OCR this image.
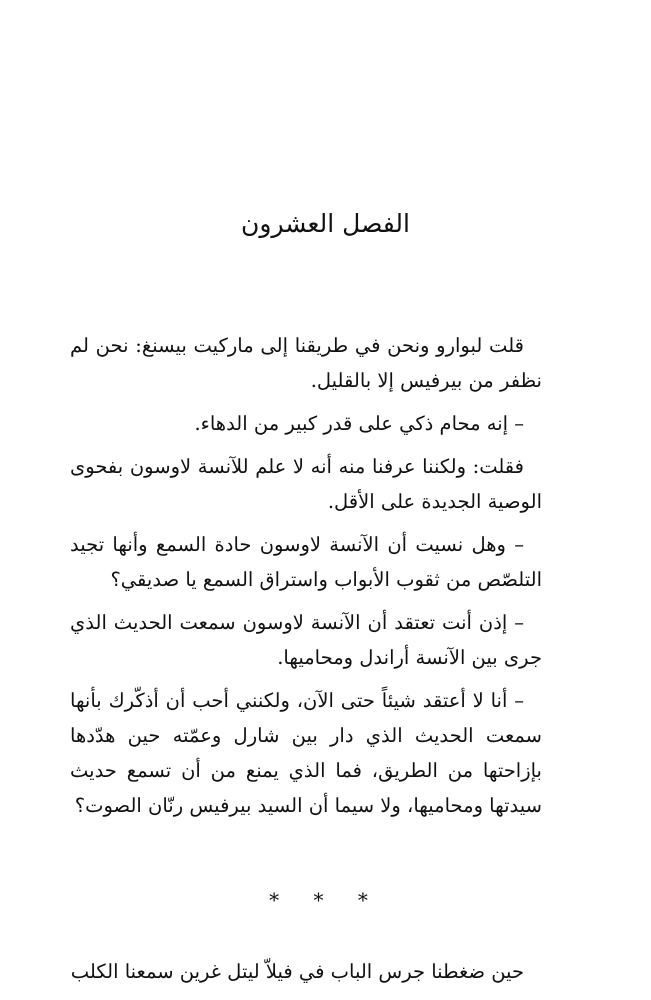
الفصل العشرون

قلت لبوارو ونحن في طريقنا إلى ماركيت بيسنغ: نحن لم نظفر من بيرفيس إلا بالقليل.

– إنه محام ذكي على قدر كبير من الدهاء.

فقلت: ولكننا عرفنا منه أنه لا علم للآنسة لاوسون بفحوى الوصية الجديدة على الأقل.

– وهل نسيت أن الآنسة لاوسون حادة السمع وأنها تجيد التلصّص من ثقوب الأبواب واستراق السمع يا صديقي؟

– إذن أنت تعتقد أن الآنسة لاوسون سمعت الحديث الذي جرى بين الآنسة أراندل ومحاميها.

– أنا لا أعتقد شيئاً حتى الآن، ولكنني أحب أن أذكّرك بأنها سمعت الحديث الذي دار بين شارل وعمّته حين هدّدها بإزاحتها من الطريق، فما الذي يمنع من أن تسمع حديث سيدتها ومحاميها، ولا سيما أن السيد بيرفيس رنّان الصوت؟

* * *

حين ضغطنا جرس الباب في فيلاّ ليتل غرين سمعنا الكلب
